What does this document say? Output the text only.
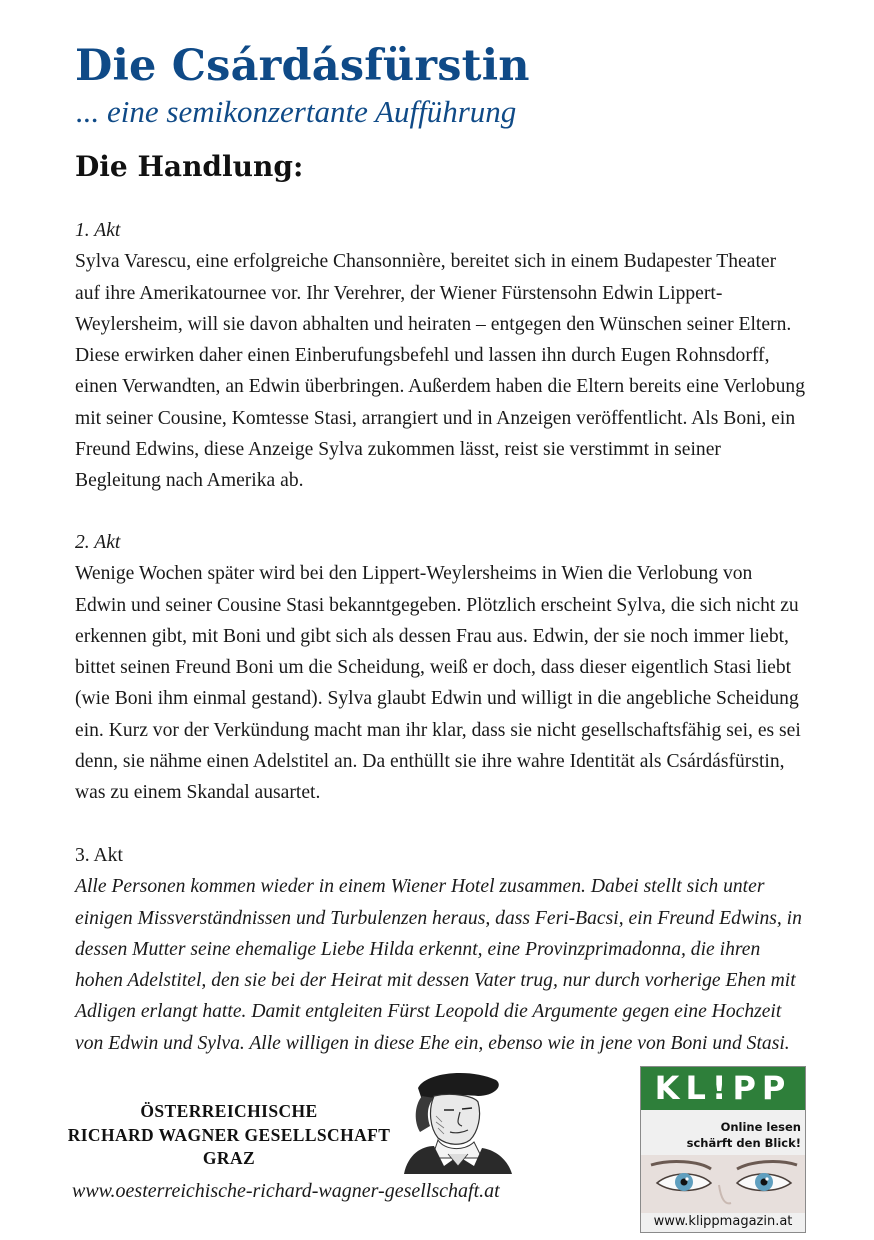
Die Csárdásfürstin
... eine semikonzertante Aufführung
Die Handlung:

1. Akt

Sylva Varescu, eine erfolgreiche Chansonnière, bereitet sich in einem Budapester Theater auf ihre Amerikatournee vor. Ihr Verehrer, der Wiener Fürstensohn Edwin Lippert-Weylersheim, will sie davon abhalten und heiraten – entgegen den Wünschen seiner Eltern. Diese erwirken daher einen Einberufungsbefehl und lassen ihn durch Eugen Rohnsdorff, einen Verwandten, an Edwin überbringen. Außerdem haben die Eltern bereits eine Verlobung mit seiner Cousine, Komtesse Stasi, arrangiert und in Anzeigen veröffentlicht. Als Boni, ein Freund Edwins, diese Anzeige Sylva zukommen lässt, reist sie verstimmt in seiner Begleitung nach Amerika ab.

2. Akt

Wenige Wochen später wird bei den Lippert-Weylersheims in Wien die Verlobung von Edwin und seiner Cousine Stasi bekanntgegeben. Plötzlich erscheint Sylva, die sich nicht zu erkennen gibt, mit Boni und gibt sich als dessen Frau aus. Edwin, der sie noch immer liebt, bittet seinen Freund Boni um die Scheidung, weiß er doch, dass dieser eigentlich Stasi liebt (wie Boni ihm einmal gestand). Sylva glaubt Edwin und willigt in die angebliche Scheidung ein. Kurz vor der Verkündung macht man ihr klar, dass sie nicht gesellschaftsfähig sei, es sei denn, sie nähme einen Adelstitel an. Da enthüllt sie ihre wahre Identität als Csárdásfürstin, was zu einem Skandal ausartet.

3. Akt

Alle Personen kommen wieder in einem Wiener Hotel zusammen. Dabei stellt sich unter einigen Missverständnissen und Turbulenzen heraus, dass Feri-Bacsi, ein Freund Edwins, in dessen Mutter seine ehemalige Liebe Hilda erkennt, eine Provinzprimadonna, die ihren hohen Adelstitel, den sie bei der Heirat mit dessen Vater trug, nur durch vorherige Ehen mit Adligen erlangt hatte. Damit entgleiten Fürst Leopold die Argumente gegen eine Hochzeit von Edwin und Sylva. Alle willigen in diese Ehe ein, ebenso wie in jene von Boni und Stasi.

ÖSTERREICHISCHE
RICHARD WAGNER GESELLSCHAFT
GRAZ
www.oesterreichische-richard-wagner-gesellschaft.at
KL!PP
Online lesen
schärft den Blick!
www.klippmagazin.at
